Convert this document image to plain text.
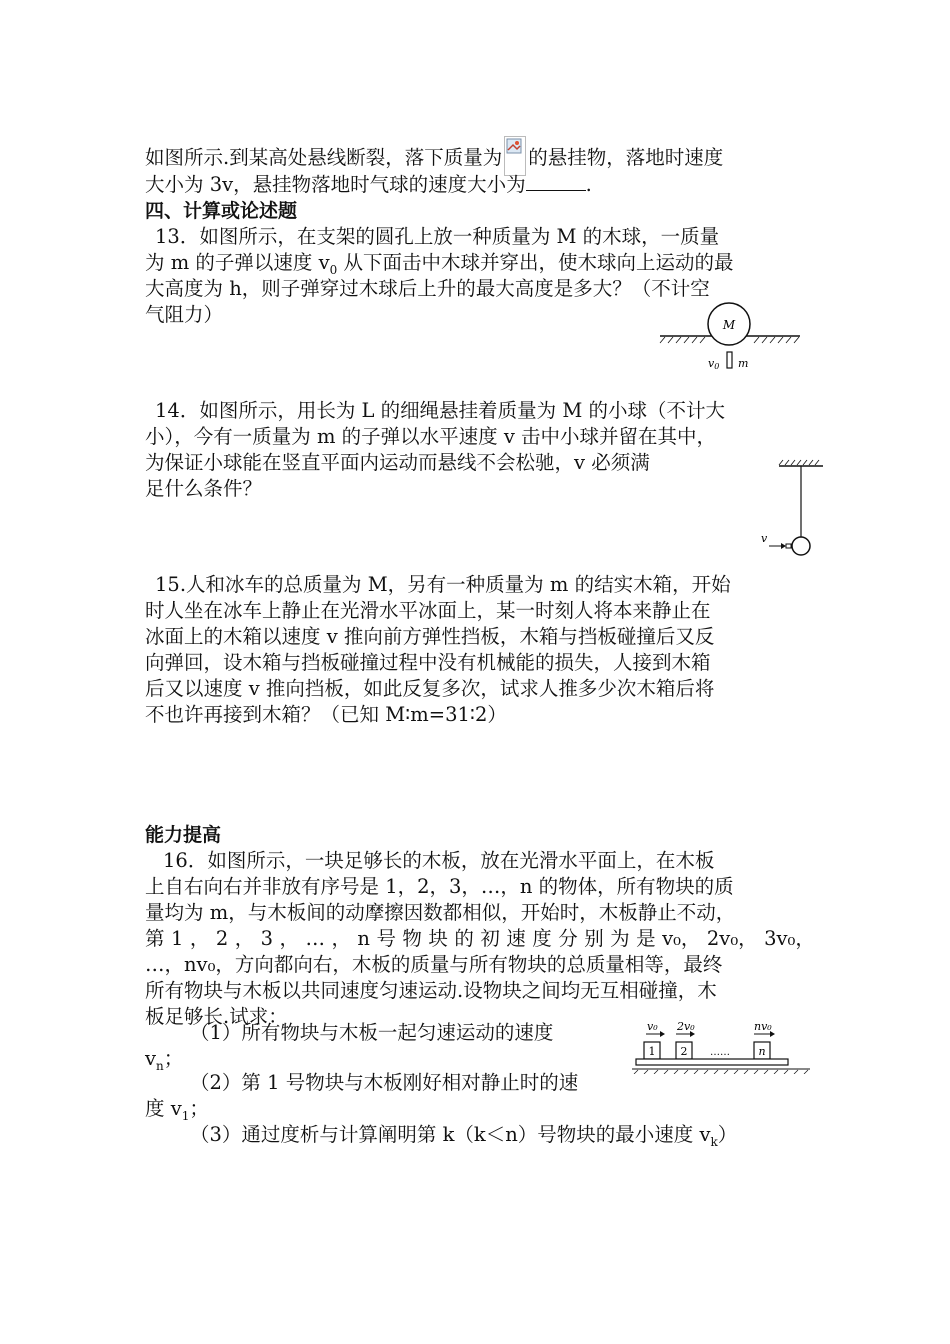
如图所示.到某高处悬线断裂，落下质量为 的悬挂物，落地时速度
大小为 3v，悬挂物落地时气球的速度大小为	.
四、计算或论述题
13．如图所示，在支架的圆孔上放一种质量为 M 的木球，一质量
为 m 的子弹以速度 $v_0$ 从下面击中木球并穿出，使木球向上运动的最
大高度为 h，则子弹穿过木球后上升的最大高度是多大？（不计空
气阻力）	M
v0 m
14．如图所示，用长为 L 的细绳悬挂着质量为 M 的小球（不计大
小），今有一质量为 m 的子弹以水平速度 v 击中小球并留在其中，
为保证小球能在竖直平面内运动而悬线不会松驰，v 必须满
足什么条件？
v
15.人和冰车的总质量为 M，另有一种质量为 m 的结实木箱，开始
时人坐在冰车上静止在光滑水平冰面上，某一时刻人将本来静止在
冰面上的木箱以速度 v 推向前方弹性挡板，木箱与挡板碰撞后又反
向弹回，设木箱与挡板碰撞过程中没有机械能的损失，人接到木箱
后又以速度 v 推向挡板，如此反复多次，试求人推多少次木箱后将
不也许再接到木箱？（已知 M∶m=31∶2）
能力提高
16．如图所示，一块足够长的木板，放在光滑水平面上，在木板
上自右向右并非放有序号是 1，2，3，…，n 的物体，所有物块的质
量均为 m，与木板间的动摩擦因数都相似，开始时，木板静止不动，
第 1 ， 2 ， 3 ， … ， n 号 物 块 的 初 速 度 分 别 为 是 v₀， 2v₀， 3v₀，
…，nv₀，方向都向右，木板的质量与所有物块的总质量相等，最终
所有物块与木板以共同速度匀速运动.设物块之间均无互相碰撞，木
板足够长.试求：
（1）所有物块与木板一起匀速运动的速度
$v_n$；
（2）第 1 号物块与木板刚好相对静止时的速
度 $v_1$；
（3）通过度析与计算阐明第 k（k＜n）号物块的最小速度 $v_k$）
v₀ 2v₀	nv₀
1 2	n
……
